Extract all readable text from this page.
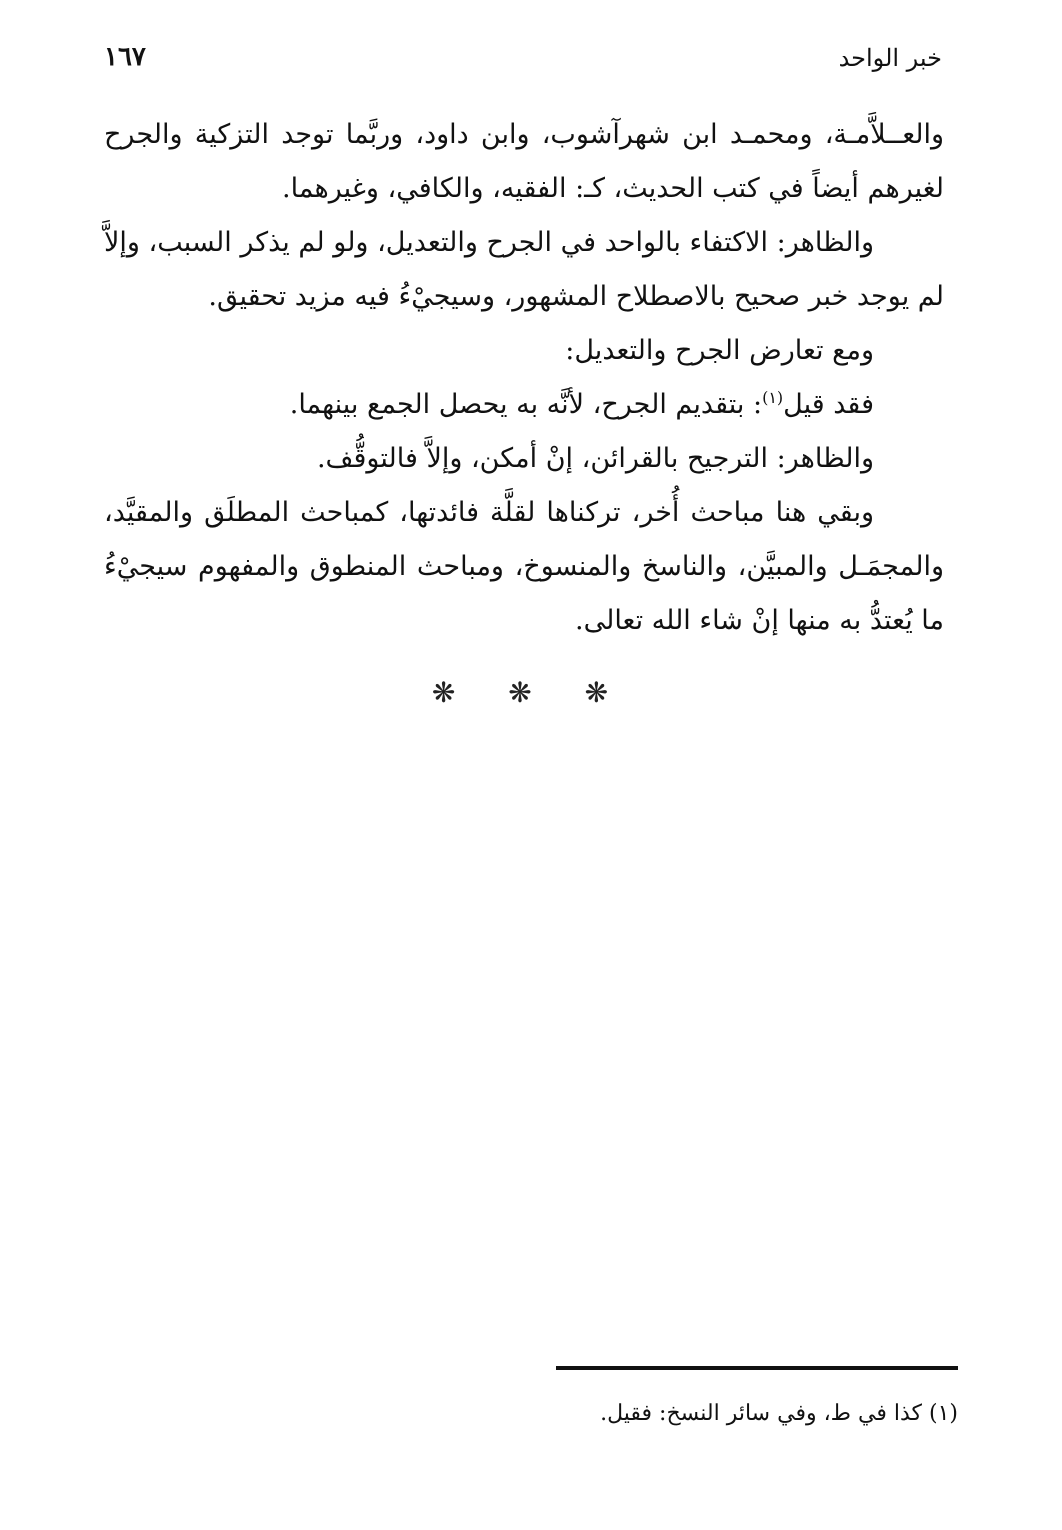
خبر الواحد
١٦٧

والعــلاَّمـة، ومحمـد ابن شهرآشوب، وابن داود، وربَّما توجد التزكية والجرح لغيرهم أيضاً في كتب الحديث، كـ: الفقيه، والكافي، وغيرهما.

والظاهر: الاكتفاء بالواحد في الجرح والتعديل، ولو لم يذكر السبب، وإلاَّ لم يوجد خبر صحيح بالاصطلاح المشهور، وسيجيْءُ فيه مزيد تحقيق.

ومع تعارض الجرح والتعديل:

فقد قيل$^{(١)}$: بتقديم الجرح، لأنَّه به يحصل الجمع بينهما.

والظاهر: الترجيح بالقرائن، إنْ أمكن، وإلاَّ فالتوقُّف.

وبقي هنا مباحث أُخر، تركناها لقلَّة فائدتها، كمباحث المطلَق والمقيَّد، والمجمَـل والمبيَّن، والناسخ والمنسوخ، ومباحث المنطوق والمفهوم سيجيْءُ ما يُعتدُّ به منها إنْ شاء الله تعالى.

❋ ❋ ❋
(١) كذا في ط، وفي سائر النسخ: فقيل.
